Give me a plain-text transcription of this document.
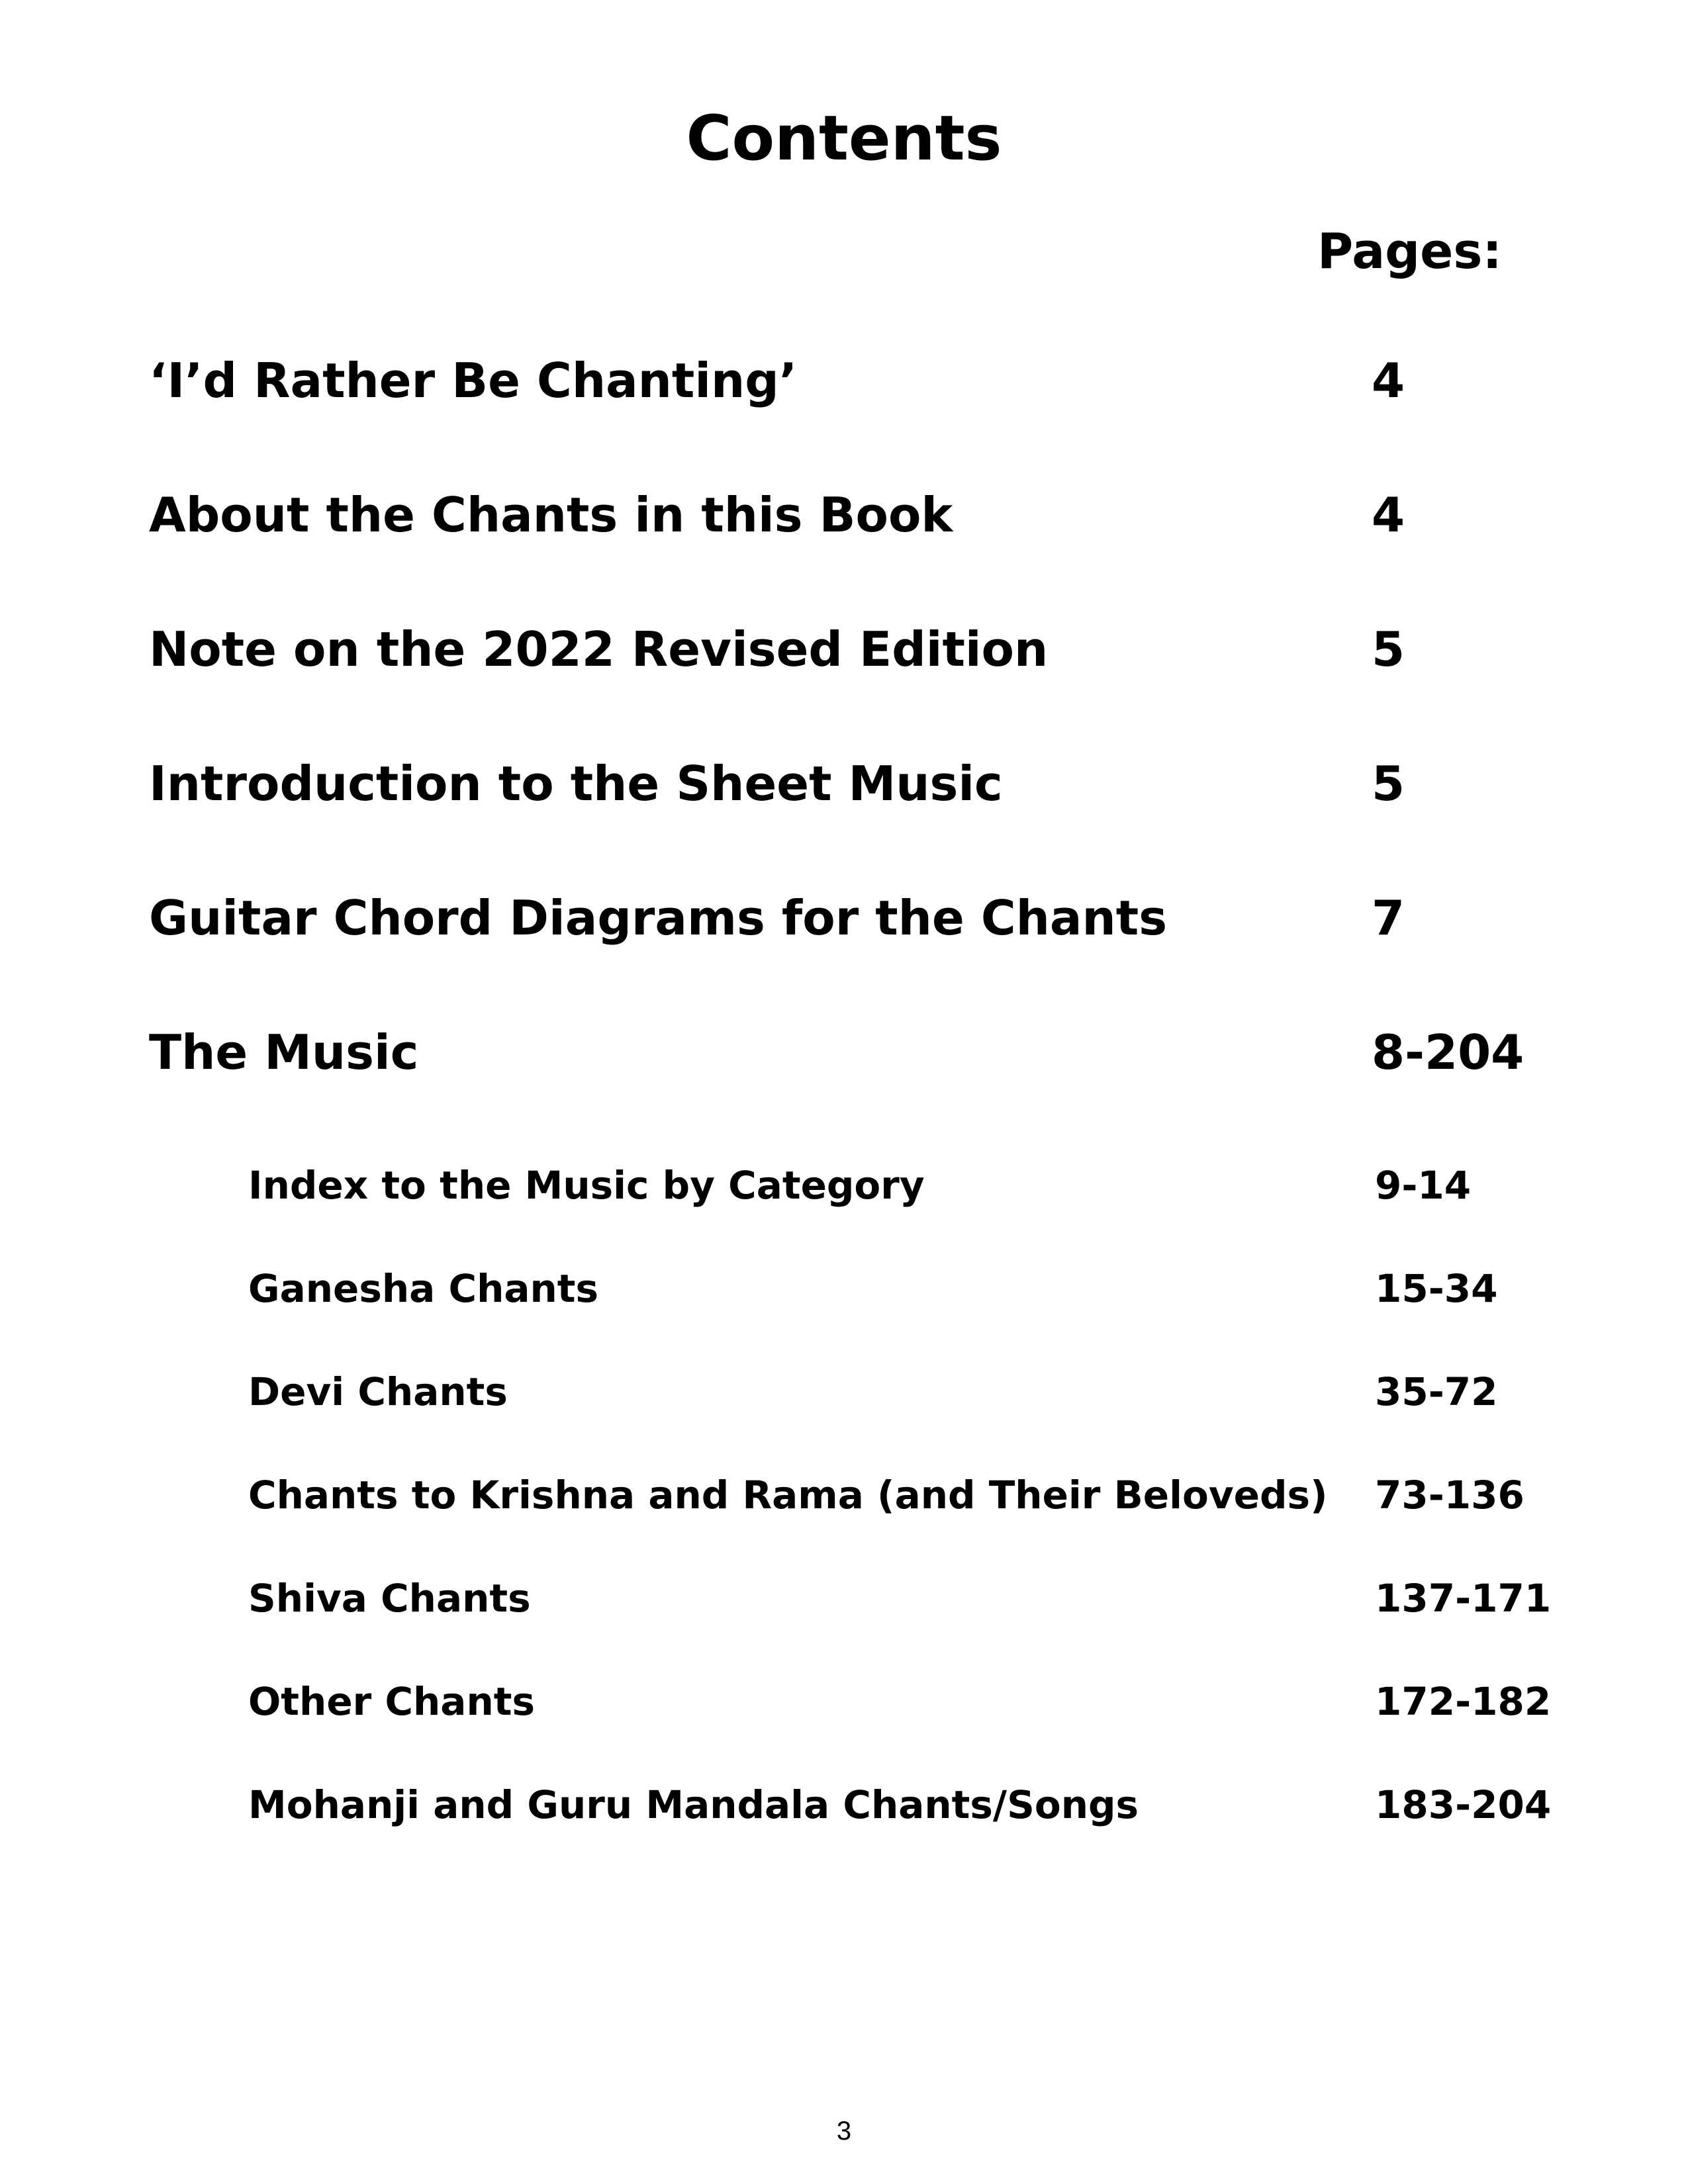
Contents
Pages:
‘I’d Rather Be Chanting’	4
About the Chants in this Book	4
Note on the 2022 Revised Edition	5
Introduction to the Sheet Music	5
Guitar Chord Diagrams for the Chants	7
The Music	8-204
Index to the Music by Category	9-14
Ganesha Chants	15-34
Devi Chants	35-72
Chants to Krishna and Rama (and Their Beloveds) 73-136
Shiva Chants	137-171
Other Chants	172-182
Mohanji and Guru Mandala Chants/Songs	183-204
3
